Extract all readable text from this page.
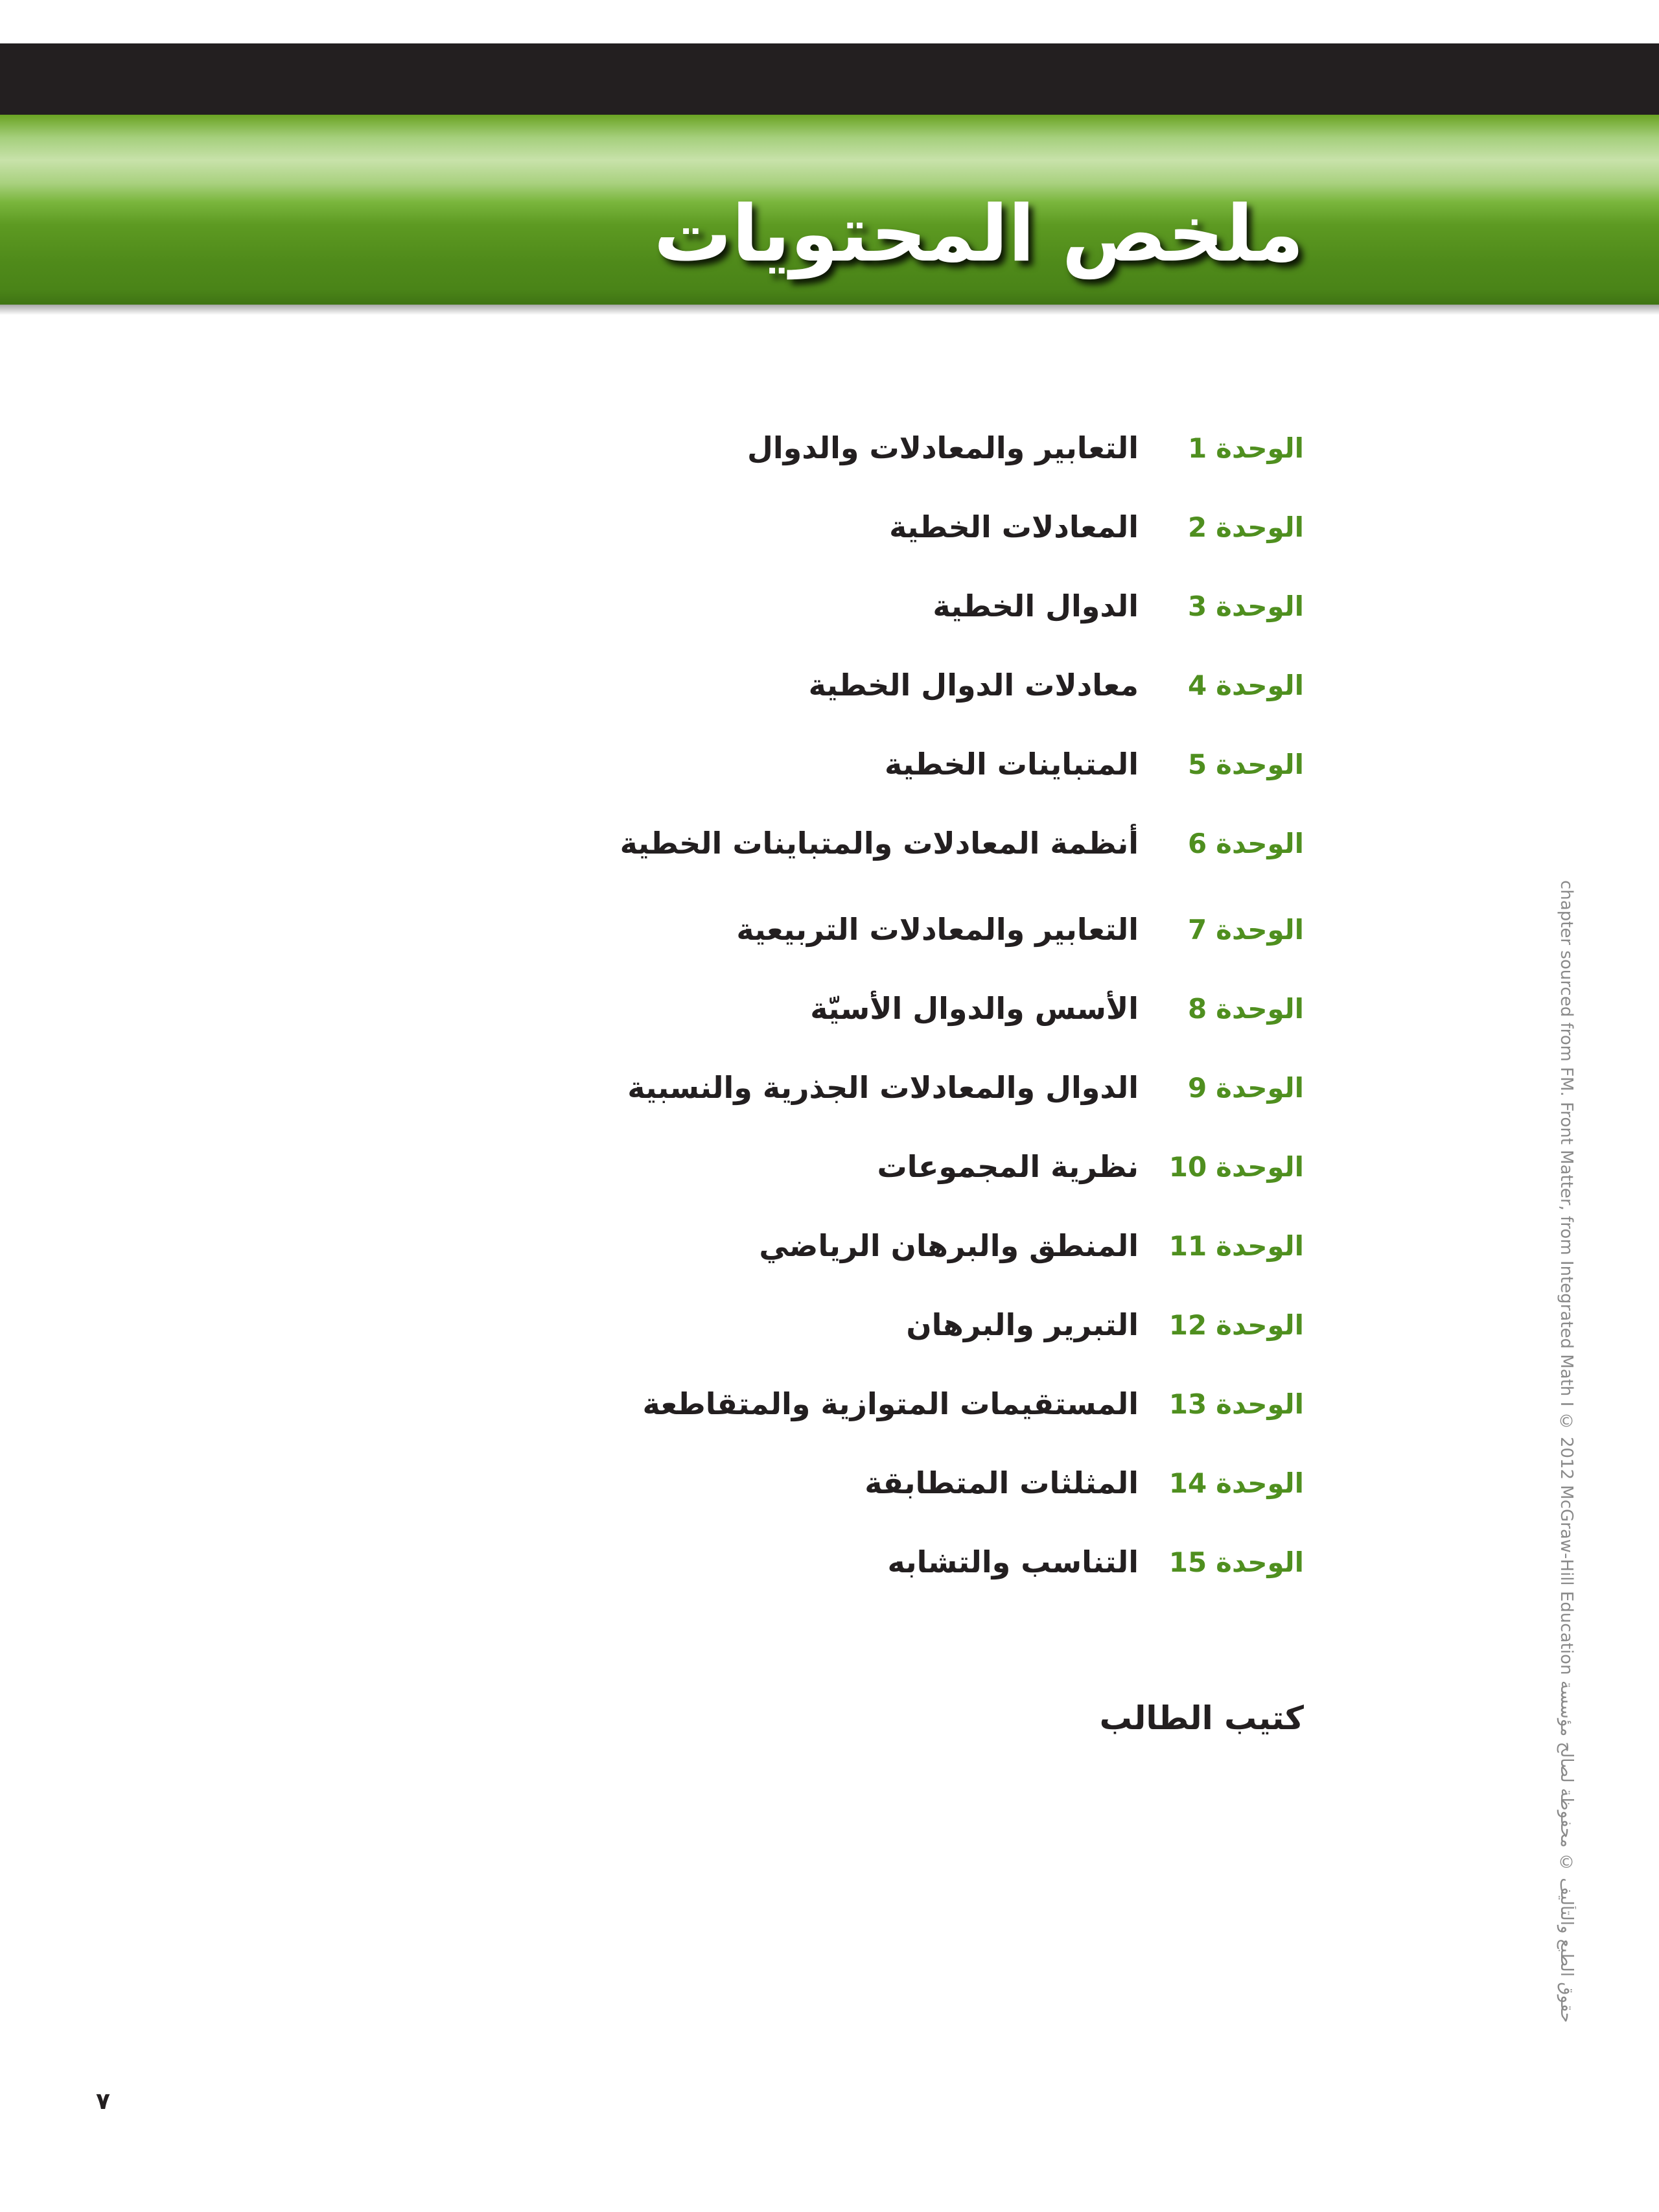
ملخص المحتويات
الوحدة1
التعابير والمعادلات والدوال
الوحدة2
المعادلات الخطية
الوحدة3
الدوال الخطية
الوحدة4
معادلات الدوال الخطية
الوحدة5
المتباينات الخطية
الوحدة6
أنظمة المعادلات والمتباينات الخطية
الوحدة7
التعابير والمعادلات التربيعية
الوحدة8
الأسس والدوال الأسيّة
الوحدة9
الدوال والمعادلات الجذرية والنسبية
الوحدة10
نظرية المجموعات
الوحدة11
المنطق والبرهان الرياضي
الوحدة12
التبرير والبرهان
الوحدة13
المستقيمات المتوازية والمتقاطعة
الوحدة14
المثلثات المتطابقة
الوحدة15
التناسب والتشابه
كتيب الطالب
chapter sourced from FM. Front Matter, from Integrated Math I © 2012 McGraw-Hill Education حقوق الطبع والتأليف © محفوظة لصالح مؤسسة
٧
